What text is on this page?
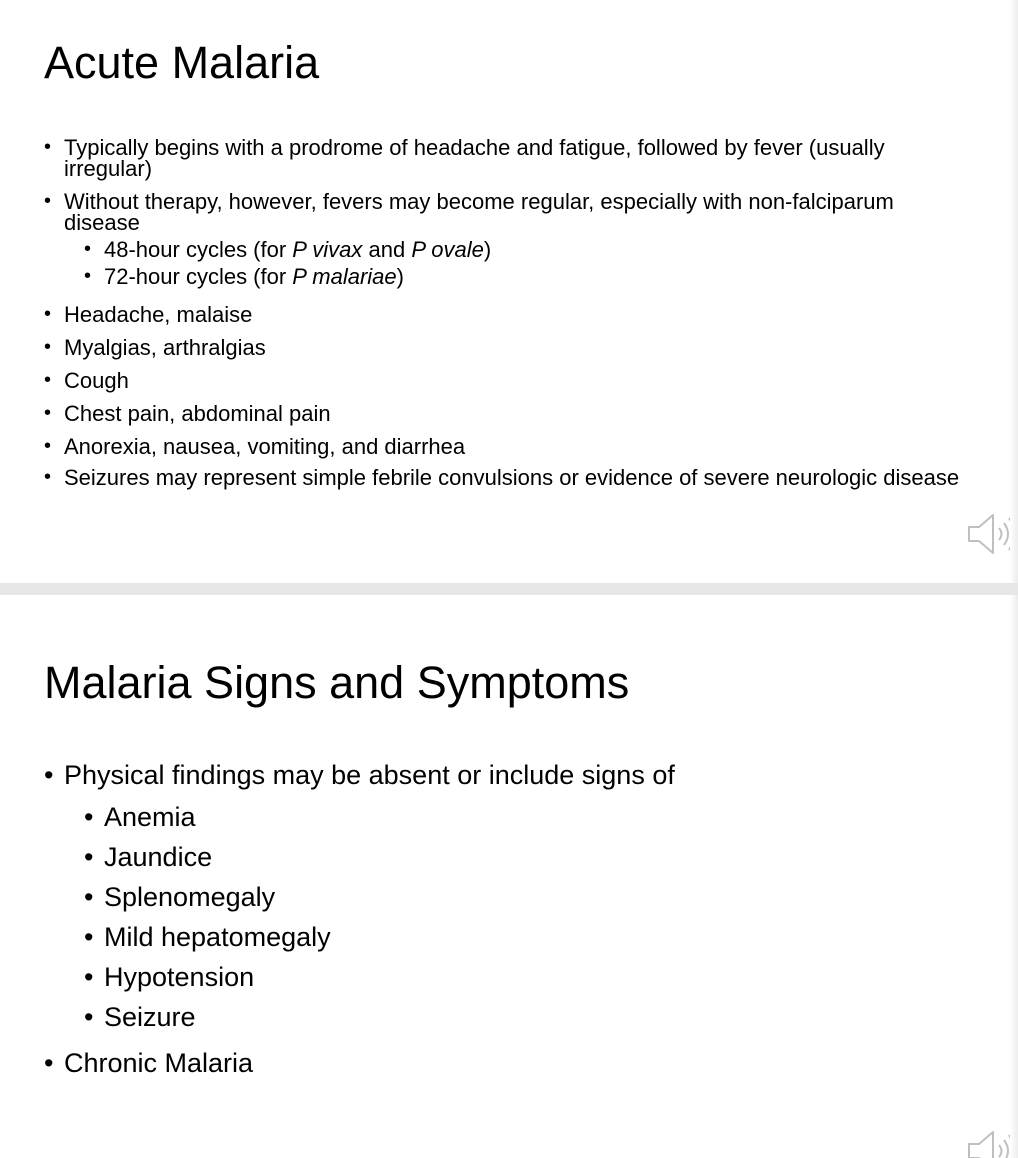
Acute Malaria
• Typically begins with a prodrome of headache and fatigue, followed by fever (usually irregular)
• Without therapy, however, fevers may become regular, especially with non-falciparum disease
• 48-hour cycles (for P vivax and P ovale)
• 72-hour cycles (for P malariae)
• Headache, malaise
• Myalgias, arthralgias
• Cough
• Chest pain, abdominal pain
• Anorexia, nausea, vomiting, and diarrhea
• Seizures may represent simple febrile convulsions or evidence of severe neurologic disease
Malaria Signs and Symptoms
• Physical findings may be absent or include signs of
• Anemia
• Jaundice
• Splenomegaly
• Mild hepatomegaly
• Hypotension
• Seizure
• Chronic Malaria
